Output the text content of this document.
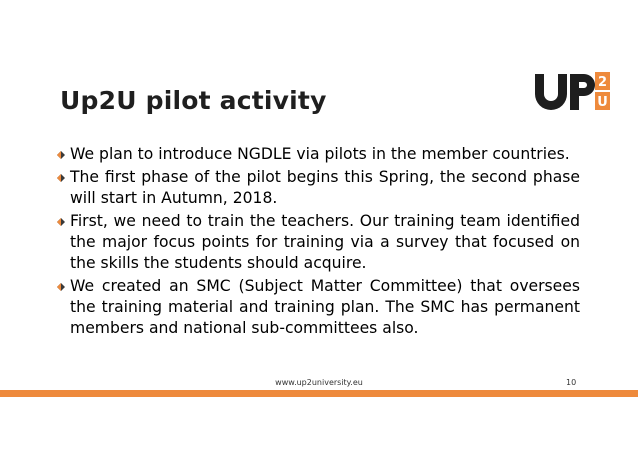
Up2U pilot activity
2
U
We plan to introduce NGDLE via pilots in the member countries.
The first phase of the pilot begins this Spring, the second phase will start in Autumn, 2018.
First, we need to train the teachers. Our training team identified the major focus points for training via a survey that focused on the skills the students should acquire.
We created an SMC (Subject Matter Committee) that oversees the training material and training plan. The SMC has permanent members and national sub-committees also.
www.up2university.eu	10
